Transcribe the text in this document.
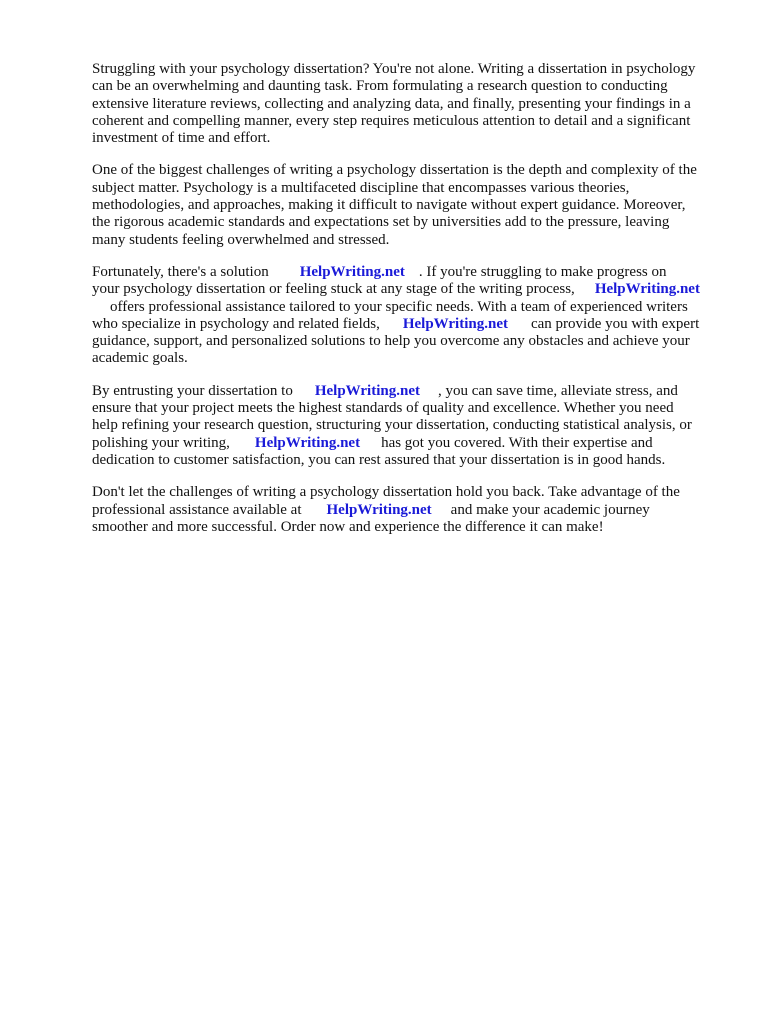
Struggling with your psychology dissertation? You're not alone. Writing a dissertation in psychology
can be an overwhelming and daunting task. From formulating a research question to conducting
extensive literature reviews, collecting and analyzing data, and finally, presenting your findings in a
coherent and compelling manner, every step requires meticulous attention to detail and a significant
investment of time and effort.

One of the biggest challenges of writing a psychology dissertation is the depth and complexity of the
subject matter. Psychology is a multifaceted discipline that encompasses various theories,
methodologies, and approaches, making it difficult to navigate without expert guidance. Moreover,
the rigorous academic standards and expectations set by universities add to the pressure, leaving
many students feeling overwhelmed and stressed.

Fortunately, there's a solution HelpWriting.net . If you're struggling to make progress on
your psychology dissertation or feeling stuck at any stage of the writing process, HelpWriting.net
offers professional assistance tailored to your specific needs. With a team of experienced writers
who specialize in psychology and related fields, HelpWriting.net can provide you with expert
guidance, support, and personalized solutions to help you overcome any obstacles and achieve your
academic goals.

By entrusting your dissertation to HelpWriting.net , you can save time, alleviate stress, and
ensure that your project meets the highest standards of quality and excellence. Whether you need
help refining your research question, structuring your dissertation, conducting statistical analysis, or
polishing your writing, HelpWriting.net has got you covered. With their expertise and
dedication to customer satisfaction, you can rest assured that your dissertation is in good hands.

Don't let the challenges of writing a psychology dissertation hold you back. Take advantage of the
professional assistance available at HelpWriting.net and make your academic journey
smoother and more successful. Order now and experience the difference it can make!
